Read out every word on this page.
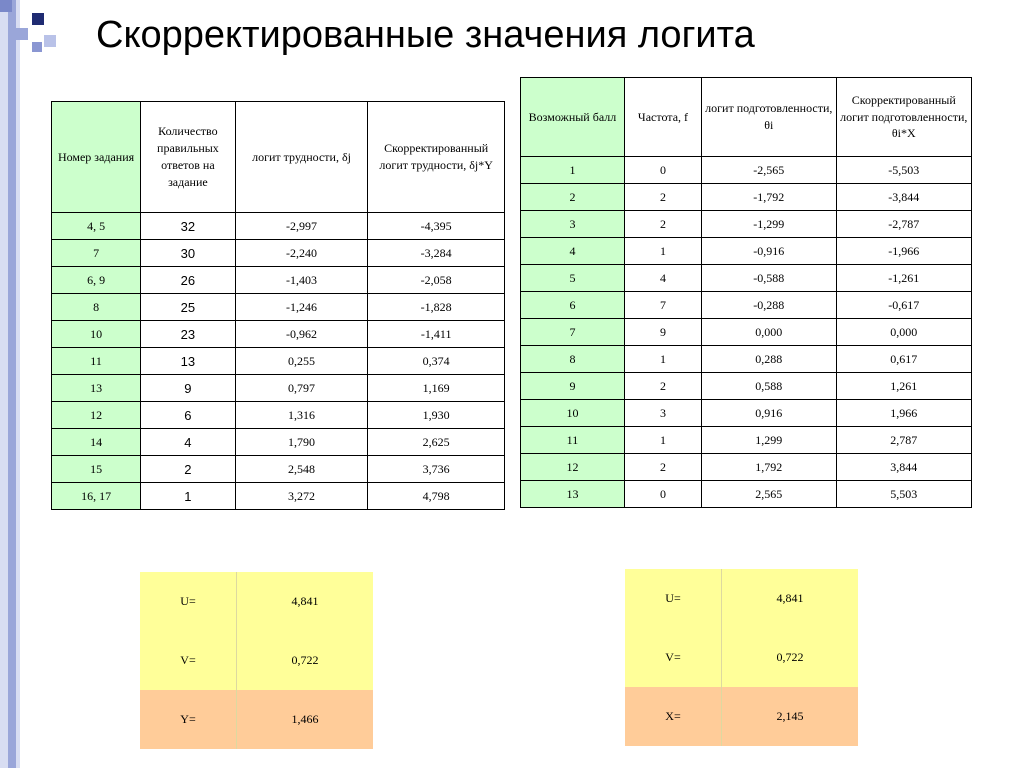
Скорректированные значения логита
Номер задания	Количество правильных ответов на задание	логит трудности, δj	Скорректированный логит трудности, δj*Y
4, 5	32	-2,997	-4,395
7	30	-2,240	-3,284
6, 9	26	-1,403	-2,058
8	25	-1,246	-1,828
10	23	-0,962	-1,411
11	13	0,255	0,374
13	9	0,797	1,169
12	6	1,316	1,930
14	4	1,790	2,625
15	2	2,548	3,736
16, 17	1	3,272	4,798
Возможный балл	Частота, f	логит подготовленности, θi	Скорректированный логит подготовленности, θi*X
1	0	-2,565	-5,503
2	2	-1,792	-3,844
3	2	-1,299	-2,787
4	1	-0,916	-1,966
5	4	-0,588	-1,261
6	7	-0,288	-0,617
7	9	0,000	0,000
8	1	0,288	0,617
9	2	0,588	1,261
10	3	0,916	1,966
11	1	1,299	2,787
12	2	1,792	3,844
13	0	2,565	5,503
U=	4,841
V=	0,722
Y=	1,466
U=	4,841
V=	0,722
X=	2,145
